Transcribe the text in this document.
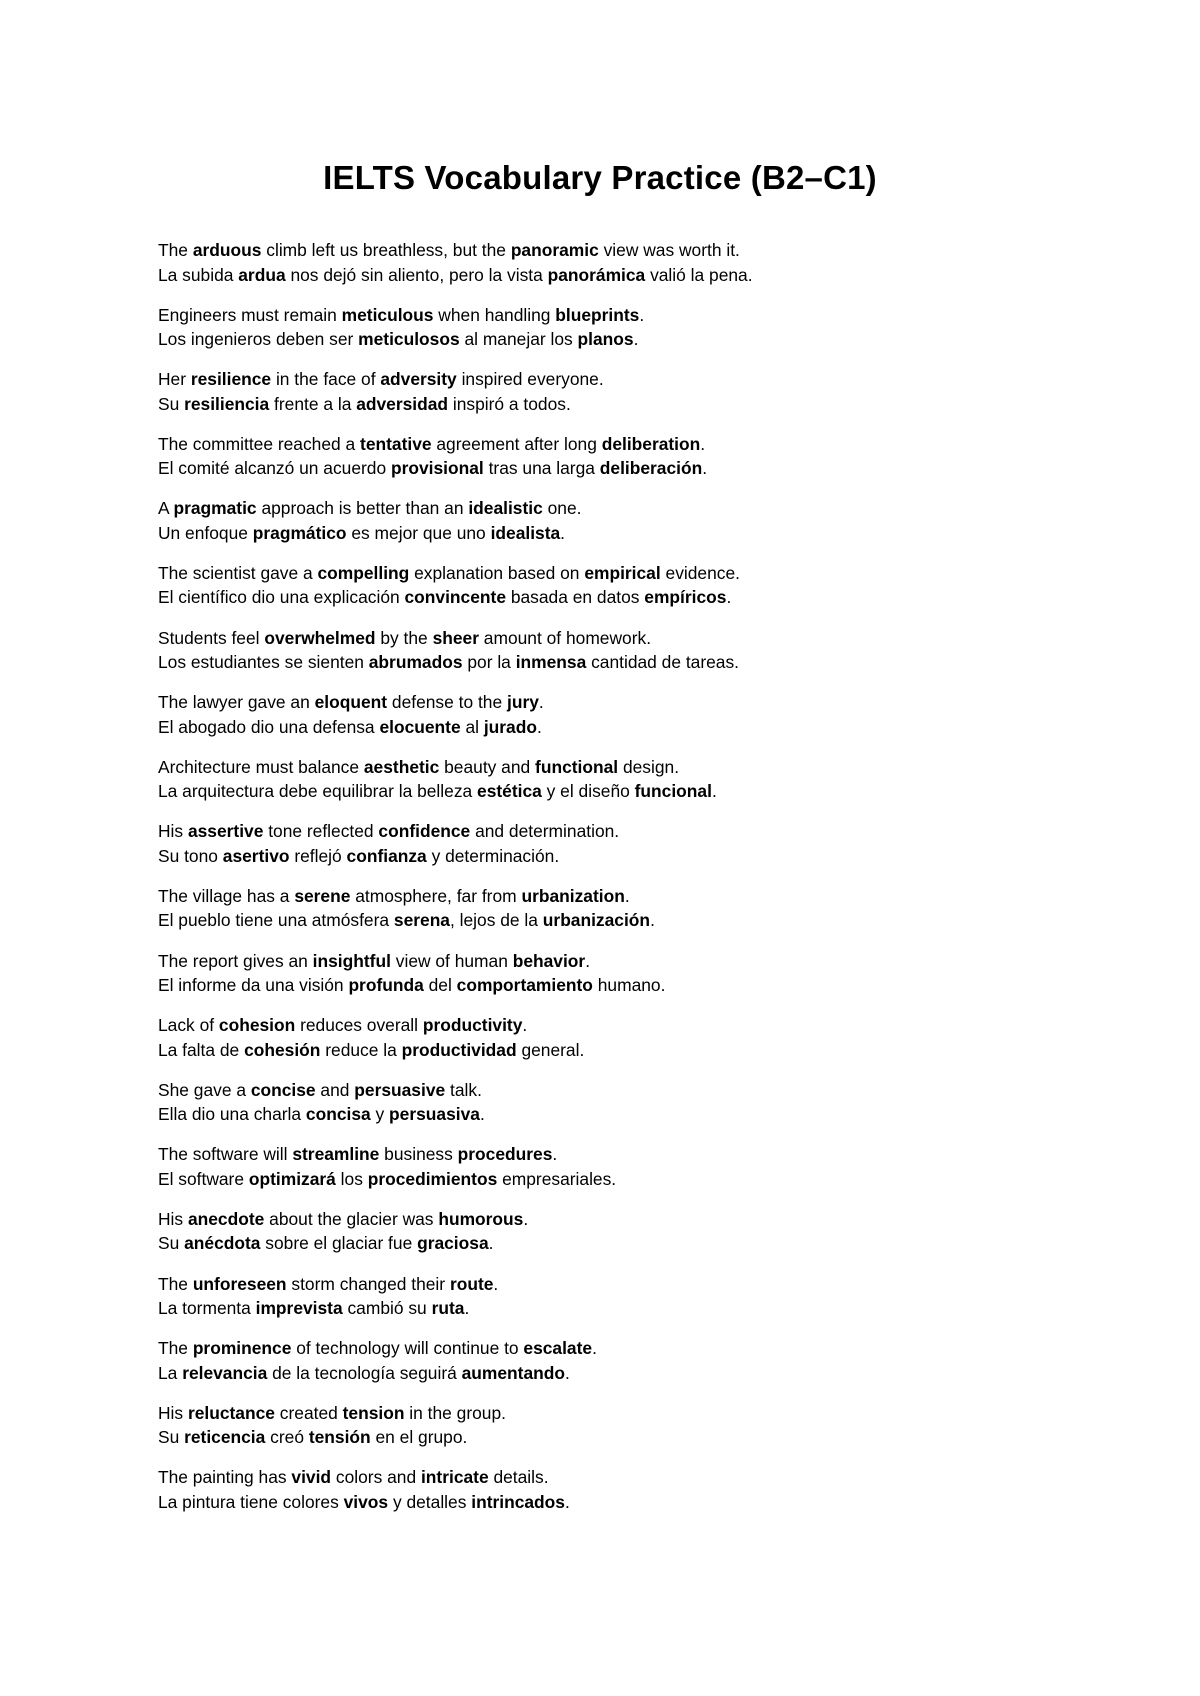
IELTS Vocabulary Practice (B2–C1)
The arduous climb left us breathless, but the panoramic view was worth it.
La subida ardua nos dejó sin aliento, pero la vista panorámica valió la pena.
Engineers must remain meticulous when handling blueprints.
Los ingenieros deben ser meticulosos al manejar los planos.
Her resilience in the face of adversity inspired everyone.
Su resiliencia frente a la adversidad inspiró a todos.
The committee reached a tentative agreement after long deliberation.
El comité alcanzó un acuerdo provisional tras una larga deliberación.
A pragmatic approach is better than an idealistic one.
Un enfoque pragmático es mejor que uno idealista.
The scientist gave a compelling explanation based on empirical evidence.
El científico dio una explicación convincente basada en datos empíricos.
Students feel overwhelmed by the sheer amount of homework.
Los estudiantes se sienten abrumados por la inmensa cantidad de tareas.
The lawyer gave an eloquent defense to the jury.
El abogado dio una defensa elocuente al jurado.
Architecture must balance aesthetic beauty and functional design.
La arquitectura debe equilibrar la belleza estética y el diseño funcional.
His assertive tone reflected confidence and determination.
Su tono asertivo reflejó confianza y determinación.
The village has a serene atmosphere, far from urbanization.
El pueblo tiene una atmósfera serena, lejos de la urbanización.
The report gives an insightful view of human behavior.
El informe da una visión profunda del comportamiento humano.
Lack of cohesion reduces overall productivity.
La falta de cohesión reduce la productividad general.
She gave a concise and persuasive talk.
Ella dio una charla concisa y persuasiva.
The software will streamline business procedures.
El software optimizará los procedimientos empresariales.
His anecdote about the glacier was humorous.
Su anécdota sobre el glaciar fue graciosa.
The unforeseen storm changed their route.
La tormenta imprevista cambió su ruta.
The prominence of technology will continue to escalate.
La relevancia de la tecnología seguirá aumentando.
His reluctance created tension in the group.
Su reticencia creó tensión en el grupo.
The painting has vivid colors and intricate details.
La pintura tiene colores vivos y detalles intrincados.
